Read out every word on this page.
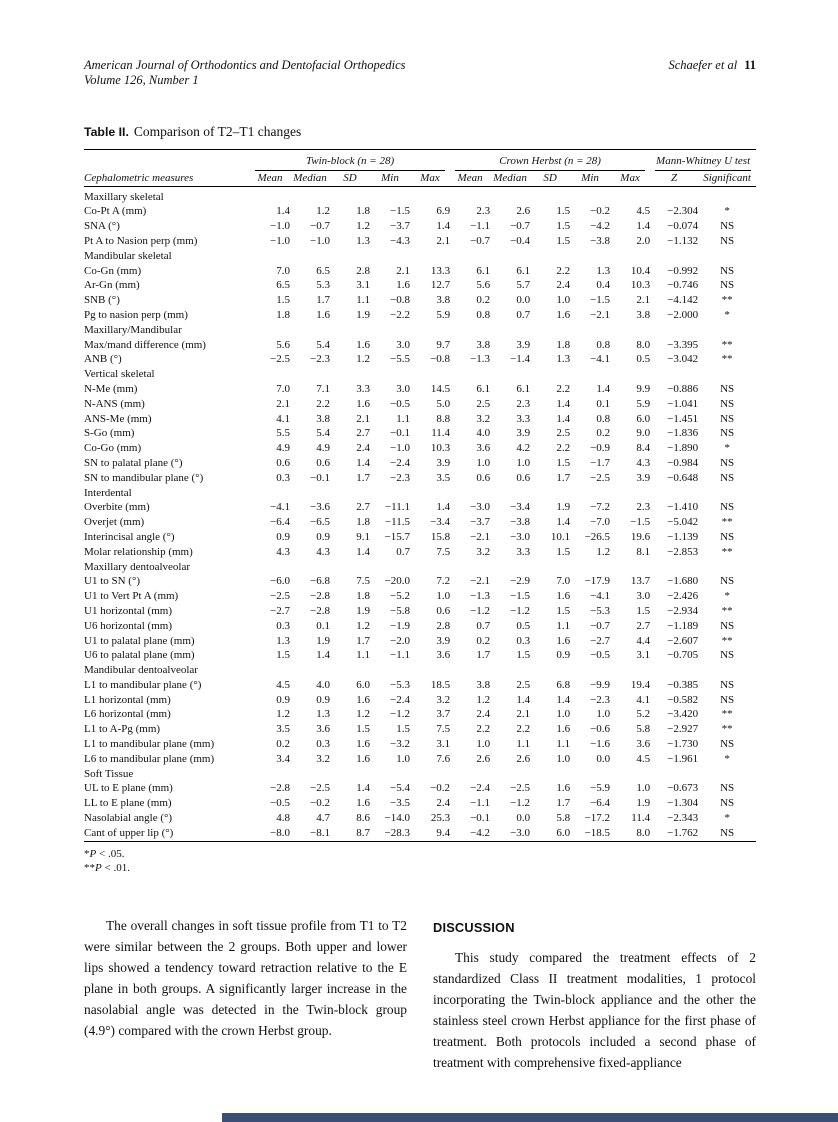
American Journal of Orthodontics and Dentofacial Orthopedics
Volume 126, Number 1
Schaefer et al 11
Table II. Comparison of T2–T1 changes

	Twin-block (n = 28)					Crown Herbst (n = 28)					Mann-Whitney U test	

Cephalometric measures	Mean	Median	SD	Min	Max	Mean	Median	SD	Min	Max	Z	Significant
Maxillary skeletal												
Co-Pt A (mm)	1.4	1.2	1.8	−1.5	6.9	2.3	2.6	1.5	−0.2	4.5	−2.304	*
SNA (°)	−1.0	−0.7	1.2	−3.7	1.4	−1.1	−0.7	1.5	−4.2	1.4	−0.074	NS
Pt A to Nasion perp (mm)	−1.0	−1.0	1.3	−4.3	2.1	−0.7	−0.4	1.5	−3.8	2.0	−1.132	NS
Mandibular skeletal												
Co-Gn (mm)	7.0	6.5	2.8	2.1	13.3	6.1	6.1	2.2	1.3	10.4	−0.992	NS
Ar-Gn (mm)	6.5	5.3	3.1	1.6	12.7	5.6	5.7	2.4	0.4	10.3	−0.746	NS
SNB (°)	1.5	1.7	1.1	−0.8	3.8	0.2	0.0	1.0	−1.5	2.1	−4.142	**
Pg to nasion perp (mm)	1.8	1.6	1.9	−2.2	5.9	0.8	0.7	1.6	−2.1	3.8	−2.000	*
Maxillary/Mandibular												
Max/mand difference (mm)	5.6	5.4	1.6	3.0	9.7	3.8	3.9	1.8	0.8	8.0	−3.395	**
ANB (°)	−2.5	−2.3	1.2	−5.5	−0.8	−1.3	−1.4	1.3	−4.1	0.5	−3.042	**
Vertical skeletal												
N-Me (mm)	7.0	7.1	3.3	3.0	14.5	6.1	6.1	2.2	1.4	9.9	−0.886	NS
N-ANS (mm)	2.1	2.2	1.6	−0.5	5.0	2.5	2.3	1.4	0.1	5.9	−1.041	NS
ANS-Me (mm)	4.1	3.8	2.1	1.1	8.8	3.2	3.3	1.4	0.8	6.0	−1.451	NS
S-Go (mm)	5.5	5.4	2.7	−0.1	11.4	4.0	3.9	2.5	0.2	9.0	−1.836	NS
Co-Go (mm)	4.9	4.9	2.4	−1.0	10.3	3.6	4.2	2.2	−0.9	8.4	−1.890	*
SN to palatal plane (°)	0.6	0.6	1.4	−2.4	3.9	1.0	1.0	1.5	−1.7	4.3	−0.984	NS
SN to mandibular plane (°)	0.3	−0.1	1.7	−2.3	3.5	0.6	0.6	1.7	−2.5	3.9	−0.648	NS
Interdental												
Overbite (mm)	−4.1	−3.6	2.7	−11.1	1.4	−3.0	−3.4	1.9	−7.2	2.3	−1.410	NS
Overjet (mm)	−6.4	−6.5	1.8	−11.5	−3.4	−3.7	−3.8	1.4	−7.0	−1.5	−5.042	**
Interincisal angle (°)	0.9	0.9	9.1	−15.7	15.8	−2.1	−3.0	10.1	−26.5	19.6	−1.139	NS
Molar relationship (mm)	4.3	4.3	1.4	0.7	7.5	3.2	3.3	1.5	1.2	8.1	−2.853	**
Maxillary dentoalveolar												
U1 to SN (°)	−6.0	−6.8	7.5	−20.0	7.2	−2.1	−2.9	7.0	−17.9	13.7	−1.680	NS
U1 to Vert Pt A (mm)	−2.5	−2.8	1.8	−5.2	1.0	−1.3	−1.5	1.6	−4.1	3.0	−2.426	*
U1 horizontal (mm)	−2.7	−2.8	1.9	−5.8	0.6	−1.2	−1.2	1.5	−5.3	1.5	−2.934	**
U6 horizontal (mm)	0.3	0.1	1.2	−1.9	2.8	0.7	0.5	1.1	−0.7	2.7	−1.189	NS
U1 to palatal plane (mm)	1.3	1.9	1.7	−2.0	3.9	0.2	0.3	1.6	−2.7	4.4	−2.607	**
U6 to palatal plane (mm)	1.5	1.4	1.1	−1.1	3.6	1.7	1.5	0.9	−0.5	3.1	−0.705	NS
Mandibular dentoalveolar												
L1 to mandibular plane (°)	4.5	4.0	6.0	−5.3	18.5	3.8	2.5	6.8	−9.9	19.4	−0.385	NS
L1 horizontal (mm)	0.9	0.9	1.6	−2.4	3.2	1.2	1.4	1.4	−2.3	4.1	−0.582	NS
L6 horizontal (mm)	1.2	1.3	1.2	−1.2	3.7	2.4	2.1	1.0	1.0	5.2	−3.420	**
L1 to A-Pg (mm)	3.5	3.6	1.5	1.5	7.5	2.2	2.2	1.6	−0.6	5.8	−2.927	**
L1 to mandibular plane (mm)	0.2	0.3	1.6	−3.2	3.1	1.0	1.1	1.1	−1.6	3.6	−1.730	NS
L6 to mandibular plane (mm)	3.4	3.2	1.6	1.0	7.6	2.6	2.6	1.0	0.0	4.5	−1.961	*
Soft Tissue												
UL to E plane (mm)	−2.8	−2.5	1.4	−5.4	−0.2	−2.4	−2.5	1.6	−5.9	1.0	−0.673	NS
LL to E plane (mm)	−0.5	−0.2	1.6	−3.5	2.4	−1.1	−1.2	1.7	−6.4	1.9	−1.304	NS
Nasolabial angle (°)	4.8	4.7	8.6	−14.0	25.3	−0.1	0.0	5.8	−17.2	11.4	−2.343	*
Cant of upper lip (°)	−8.0	−8.1	8.7	−28.3	9.4	−4.2	−3.0	6.0	−18.5	8.0	−1.762	NS
*P < .05.
**P < .01.

The overall changes in soft tissue profile from T1 to T2 were similar between the 2 groups. Both upper and lower lips showed a tendency toward retraction relative to the E plane in both groups. A significantly larger increase in the nasolabial angle was detected in the Twin-block group (4.9°) compared with the crown Herbst group.

DISCUSSION

This study compared the treatment effects of 2 standardized Class II treatment modalities, 1 protocol incorporating the Twin-block appliance and the other the stainless steel crown Herbst appliance for the first phase of treatment. Both protocols included a second phase of treatment with comprehensive fixed-appliance
